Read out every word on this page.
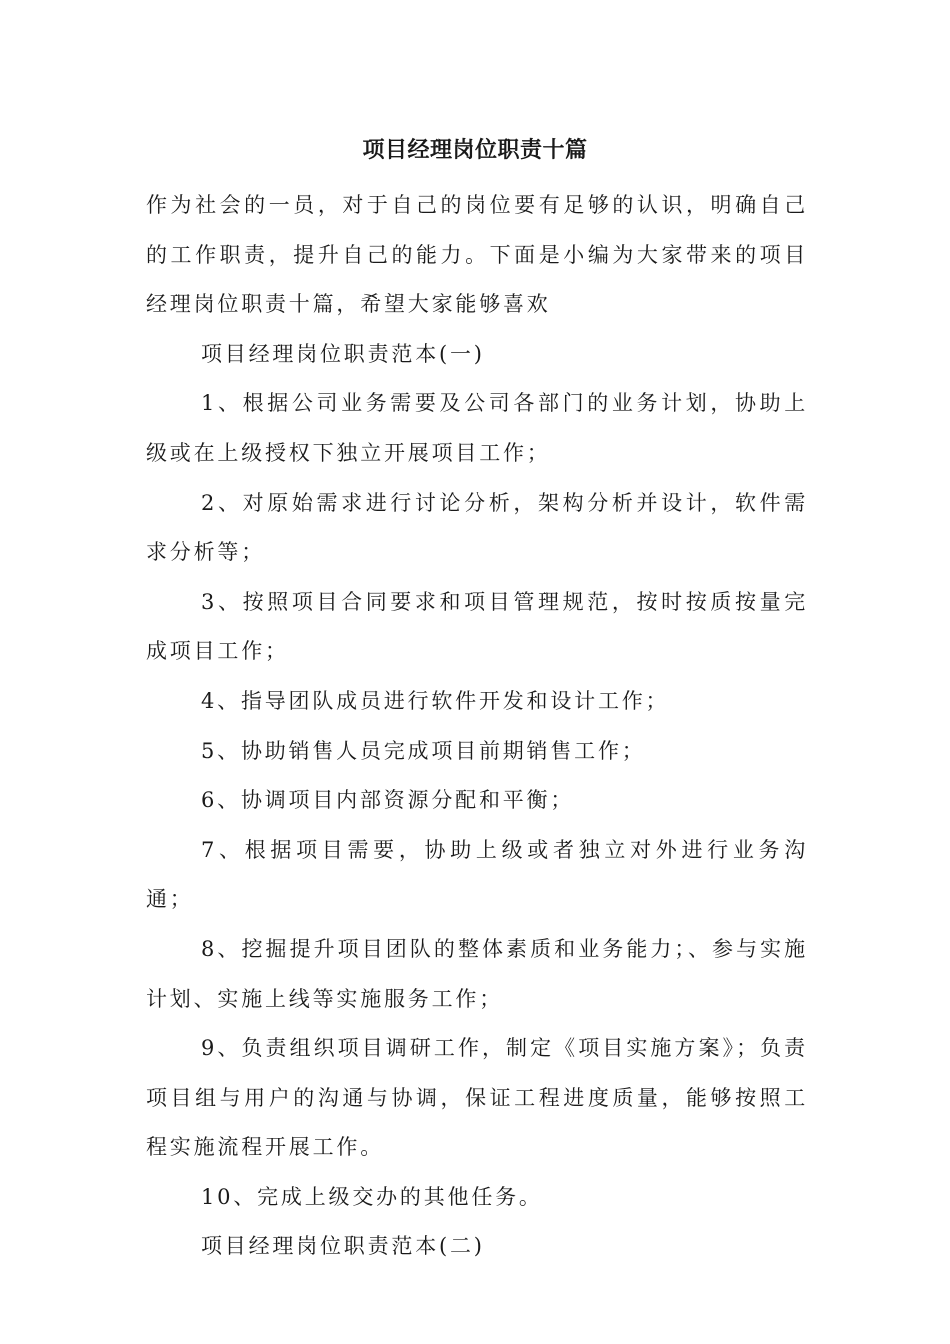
项目经理岗位职责十篇

作为社会的一员，对于自己的岗位要有足够的认识，明确自己的工作职责，提升自己的能力。下面是小编为大家带来的项目经理岗位职责十篇，希望大家能够喜欢

项目经理岗位职责范本(一)

1、根据公司业务需要及公司各部门的业务计划，协助上级或在上级授权下独立开展项目工作；

2、对原始需求进行讨论分析，架构分析并设计，软件需求分析等；

3、按照项目合同要求和项目管理规范，按时按质按量完成项目工作；

4、指导团队成员进行软件开发和设计工作；

5、协助销售人员完成项目前期销售工作；

6、协调项目内部资源分配和平衡；

7、根据项目需要，协助上级或者独立对外进行业务沟通；

8、挖掘提升项目团队的整体素质和业务能力；、参与实施计划、实施上线等实施服务工作；

9、负责组织项目调研工作，制定《项目实施方案》；负责项目组与用户的沟通与协调，保证工程进度质量，能够按照工程实施流程开展工作。

10、完成上级交办的其他任务。

项目经理岗位职责范本(二)
